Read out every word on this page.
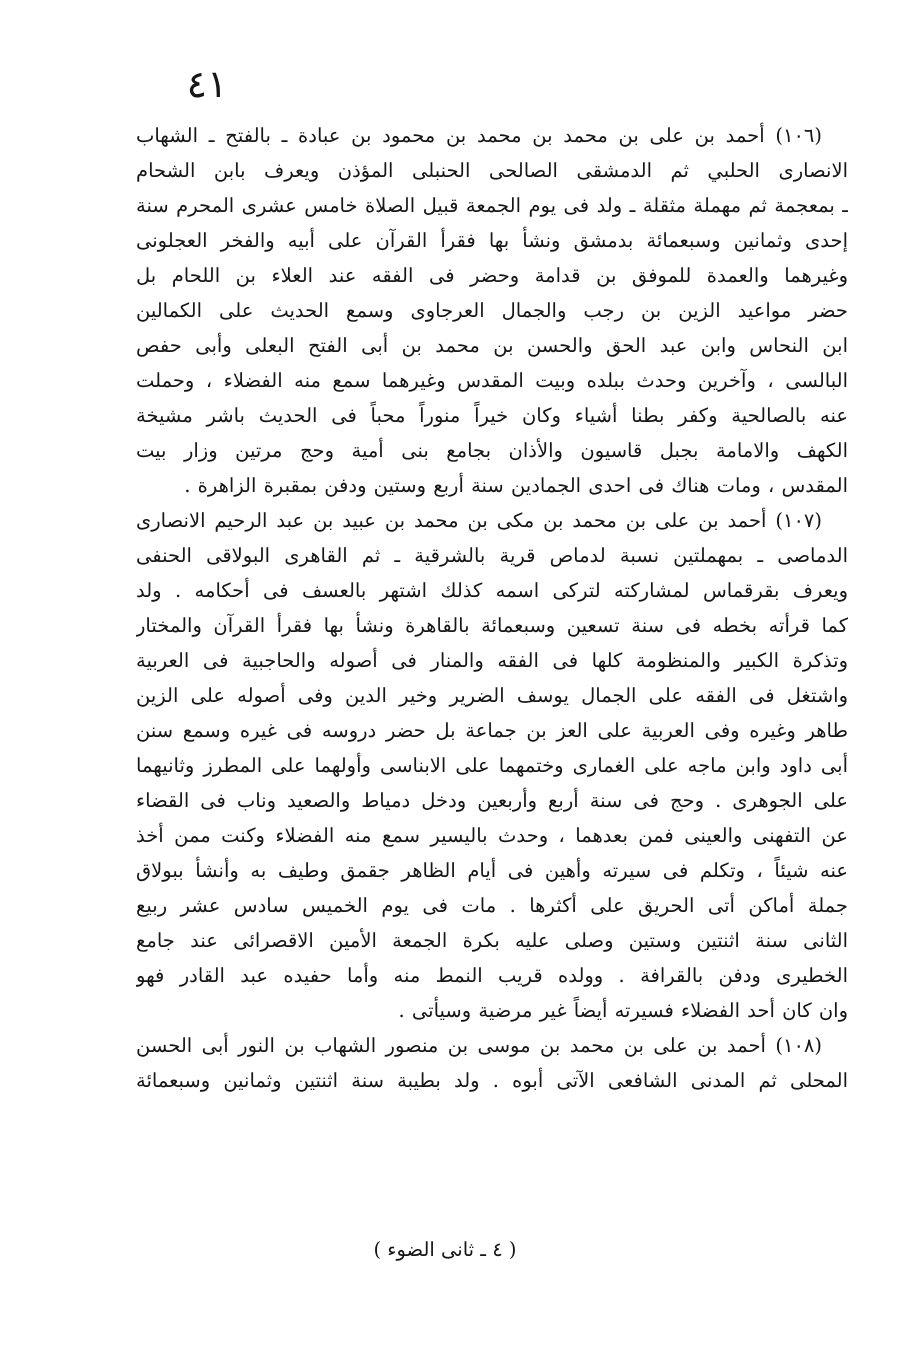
٤١
(١٠٦) أحمد بن على بن محمد بن محمد بن محمود بن عبادة ـ بالفتح ـ الشهاب
الانصارى الحلبي ثم الدمشقى الصالحى الحنبلى المؤذن ويعرف بابن الشحام
ـ بمعجمة ثم مهملة مثقلة ـ ولد فى يوم الجمعة قبيل الصلاة خامس عشرى المحرم سنة
إحدى وثمانين وسبعمائة بدمشق ونشأ بها فقرأ القرآن على أبيه والفخر العجلونى
وغيرهما والعمدة للموفق بن قدامة وحضر فى الفقه عند العلاء بن اللحام بل
حضر مواعيد الزين بن رجب والجمال العرجاوى وسمع الحديث على الكمالين
ابن النحاس وابن عبد الحق والحسن بن محمد بن أبى الفتح البعلى وأبى حفص
البالسى ، وآخرين وحدث ببلده وبيت المقدس وغيرهما سمع منه الفضلاء ، وحملت
عنه بالصالحية وكفر بطنا أشياء وكان خيراً منوراً محباً فى الحديث باشر مشيخة
الكهف والامامة بجبل قاسيون والأذان بجامع بنى أمية وحج مرتين وزار بيت
المقدس ، ومات هناك فى احدى الجمادين سنة أربع وستين ودفن بمقبرة الزاهرة .
(١٠٧) أحمد بن على بن محمد بن مكى بن محمد بن عبيد بن عبد الرحيم الانصارى
الدماصى ـ بمهملتين نسبة لدماص قرية بالشرقية ـ ثم القاهرى البولاقى الحنفى
ويعرف بقرقماس لمشاركته لتركى اسمه كذلك اشتهر بالعسف فى أحكامه . ولد
كما قرأته بخطه فى سنة تسعين وسبعمائة بالقاهرة ونشأ بها فقرأ القرآن والمختار
وتذكرة الكبير والمنظومة كلها فى الفقه والمنار فى أصوله والحاجبية فى العربية
واشتغل فى الفقه على الجمال يوسف الضرير وخير الدين وفى أصوله على الزين
طاهر وغيره وفى العربية على العز بن جماعة بل حضر دروسه فى غيره وسمع سنن
أبى داود وابن ماجه على الغمارى وختمهما على الابناسى وأولهما على المطرز وثانيهما
على الجوهرى . وحج فى سنة أربع وأربعين ودخل دمياط والصعيد وناب فى القضاء
عن التفهنى والعينى فمن بعدهما ، وحدث باليسير سمع منه الفضلاء وكنت ممن أخذ
عنه شيئاً ، وتكلم فى سيرته وأهين فى أيام الظاهر جقمق وطيف به وأنشأ ببولاق
جملة أماكن أتى الحريق على أكثرها . مات فى يوم الخميس سادس عشر ربيع
الثانى سنة اثنتين وستين وصلى عليه بكرة الجمعة الأمين الاقصرائى عند جامع
الخطيرى ودفن بالقرافة . وولده قريب النمط منه وأما حفيده عبد القادر فهو
وان كان أحد الفضلاء فسيرته أيضاً غير مرضية وسيأتى .
(١٠٨) أحمد بن على بن محمد بن موسى بن منصور الشهاب بن النور أبى الحسن
المحلى ثم المدنى الشافعى الآتى أبوه . ولد بطيبة سنة اثنتين وثمانين وسبعمائة
( ٤ ـ ثانى الضوء )
